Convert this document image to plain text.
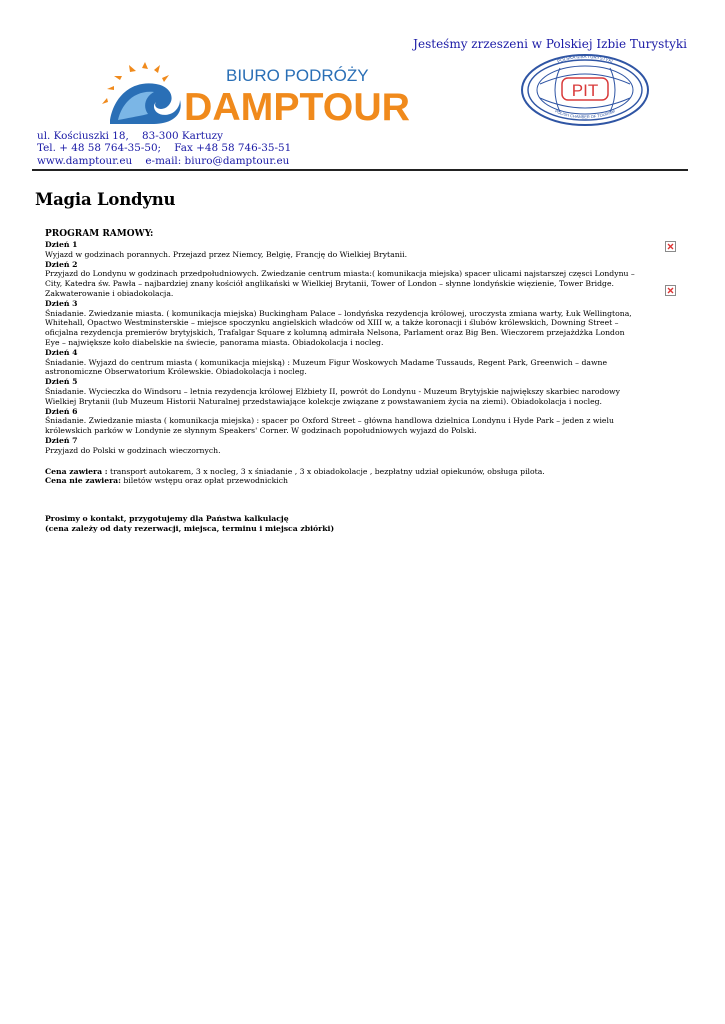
Jesteśmy zrzeszeni w Polskiej Izbie Turystyki
BIURO PODRÓŻY
DAMPTOUR	PIT
POLSKA IZBA TURYSTYKI
POLISH CHAMBER OF TOURISM
ul. Kościuszki 18,    83-300 Kartuzy
Tel. + 48 58 764-35-50;    Fax +48 58 746-35-51
www.damptour.eu    e-mail: biuro@damptour.eu
Magia Londynu
PROGRAM RAMOWY:
Dzień 1
Wyjazd w godzinach porannych. Przejazd przez Niemcy, Belgię, Francję do Wielkiej Brytanii.
Dzień 2
Przyjazd do Londynu w godzinach przedpołudniowych. Zwiedzanie centrum miasta:( komunikacja miejska) spacer ulicami najstarszej częsci Londynu – City, Katedra św. Pawła – najbardziej znany kościół anglikański w Wielkiej Brytanii, Tower of London – słynne londyńskie więzienie, Tower Bridge. Zakwaterowanie i obiadokolacja.
Dzień 3
Śniadanie. Zwiedzanie miasta. ( komunikacja miejska) Buckingham Palace – londyńska rezydencja królowej, uroczysta zmiana warty, Łuk Wellingtona, Whitehall, Opactwo Westminsterskie – miejsce spoczynku angielskich władców od XIII w, a także koronacji i ślubów królewskich, Downing Street – oficjalna rezydencja premierów brytyjskich, Trafalgar Square z kolumną admirała Nelsona, Parlament oraz Big Ben. Wieczorem przejażdżka London Eye – największe koło diabelskie na świecie, panorama miasta. Obiadokolacja i nocleg.
Dzień 4
Śniadanie. Wyjazd do centrum miasta ( komunikacja miejską) : Muzeum Figur Woskowych Madame Tussauds, Regent Park, Greenwich – dawne astronomiczne Obserwatorium Królewskie. Obiadokolacja i nocleg.
Dzień 5
Śniadanie. Wycieczka do Windsoru – letnia rezydencja królowej Elżbiety II, powrót do Londynu - Muzeum Brytyjskie największy skarbiec narodowy Wielkiej Brytanii (lub Muzeum Historii Naturalnej przedstawiające kolekcje związane z powstawaniem życia na ziemi). Obiadokolacja i nocleg.
Dzień 6
Śniadanie. Zwiedzanie miasta ( komunikacja miejska) : spacer po Oxford Street – główna handlowa dzielnica Londynu i Hyde Park – jeden z wielu królewskich parków w Londynie ze słynnym Speakers' Corner. W godzinach popołudniowych wyjazd do Polski.
Dzień 7
Przyjazd do Polski w godzinach wieczornych.
Cena zawiera : transport autokarem, 3 x nocleg, 3 x śniadanie , 3 x obiadokolacje , bezpłatny udział opiekunów, obsługa pilota.
Cena nie zawiera: biletów wstępu oraz opłat przewodnickich
Prosimy o kontakt, przygotujemy dla Państwa kalkulację
(cena zależy od daty rezerwacji, miejsca, terminu i miejsca zbiórki)
